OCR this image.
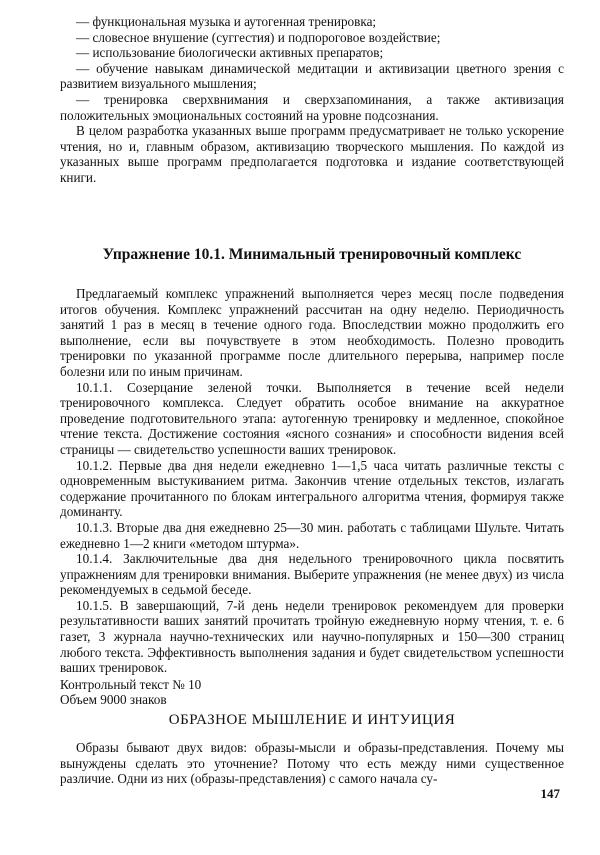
— функциональная музыка и аутогенная тренировка;

— словесное внушение (суггестия) и подпороговое воздействие;

— использование биологически активных препаратов;

— обучение навыкам динамической медитации и активизации цветного зрения с развитием визуального мышления;

— тренировка сверхвнимания и сверхзапоминания, а также активизация положительных эмоциональных состояний на уровне подсознания.

В целом разработка указанных выше программ предусматривает не только ускорение чтения, но и, главным образом, активизацию творческого мышления. По каждой из указанных выше программ предполагается подготовка и издание соответствующей книги.

Упражнение 10.1. Минимальный тренировочный комплекс

Предлагаемый комплекс упражнений выполняется через месяц после подведения итогов обучения. Комплекс упражнений рассчитан на одну неделю. Периодичность занятий 1 раз в месяц в течение одного года. Впоследствии можно продолжить его выполнение, если вы почувствуете в этом необходимость. Полезно проводить тренировки по указанной программе после длительного перерыва, например после болезни или по иным причинам.

10.1.1. Созерцание зеленой точки. Выполняется в течение всей недели тренировочного комплекса. Следует обратить особое внимание на аккуратное проведение подготовительного этапа: аутогенную тренировку и медленное, спокойное чтение текста. Достижение состояния «ясного сознания» и способности видения всей страницы — свидетельство успешности ваших тренировок.

10.1.2. Первые два дня недели ежедневно 1—1,5 часа читать различные тексты с одновременным выстукиванием ритма. Закончив чтение отдельных текстов, излагать содержание прочитанного по блокам интегрального алгоритма чтения, формируя также доминанту.

10.1.3. Вторые два дня ежедневно 25—30 мин. работать с таблицами Шульте. Читать ежедневно 1—2 книги «методом штурма».

10.1.4. Заключительные два дня недельного тренировочного цикла посвятить упражнениям для тренировки внимания. Выберите упражнения (не менее двух) из числа рекомендуемых в седьмой беседе.

10.1.5. В завершающий, 7-й день недели тренировок рекомендуем для проверки результативности ваших занятий прочитать тройную ежедневную норму чтения, т. е. 6 газет, 3 журнала научно-технических или научно-популярных и 150—300 страниц любого текста. Эффективность выполнения задания и будет свидетельством успешности ваших тренировок.

Контрольный текст № 10

Объем 9000 знаков

ОБРАЗНОЕ МЫШЛЕНИЕ И ИНТУИЦИЯ

Образы бывают двух видов: образы-мысли и образы-представления. Почему мы вынуждены сделать это уточнение? Потому что есть между ними существенное различие. Одни из них (образы-представления) с самого начала су-

147
